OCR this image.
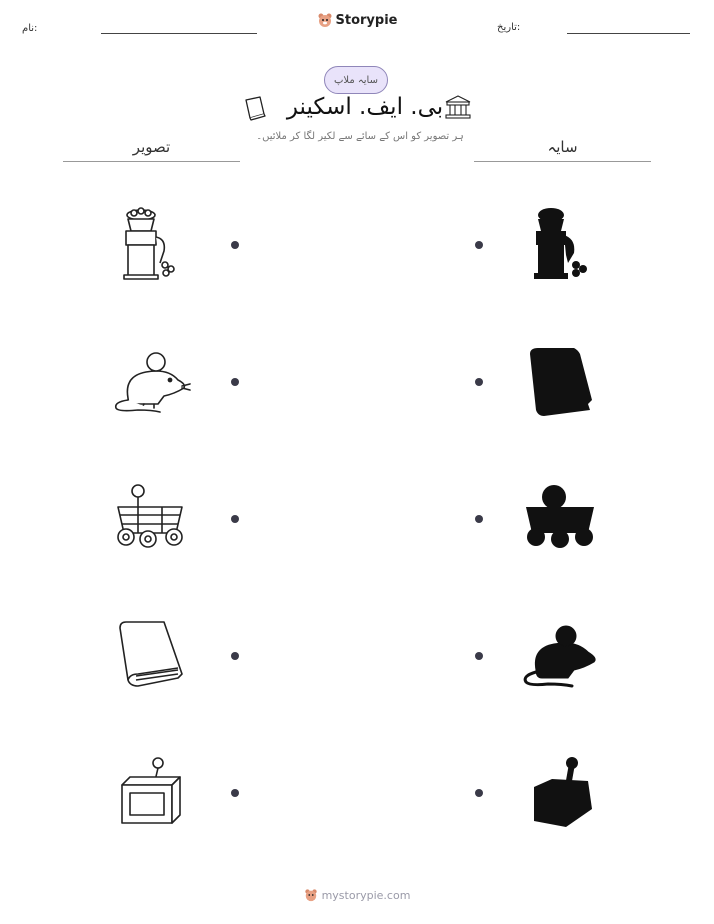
نام:
Storypie	تاریخ:
سایہ ملاپ
بی. ایف. اسکینر
ہر تصویر کو اس کے سائے سے لکیر لگا کر ملائیں۔
تصویر	سایہ
mystorypie.com
